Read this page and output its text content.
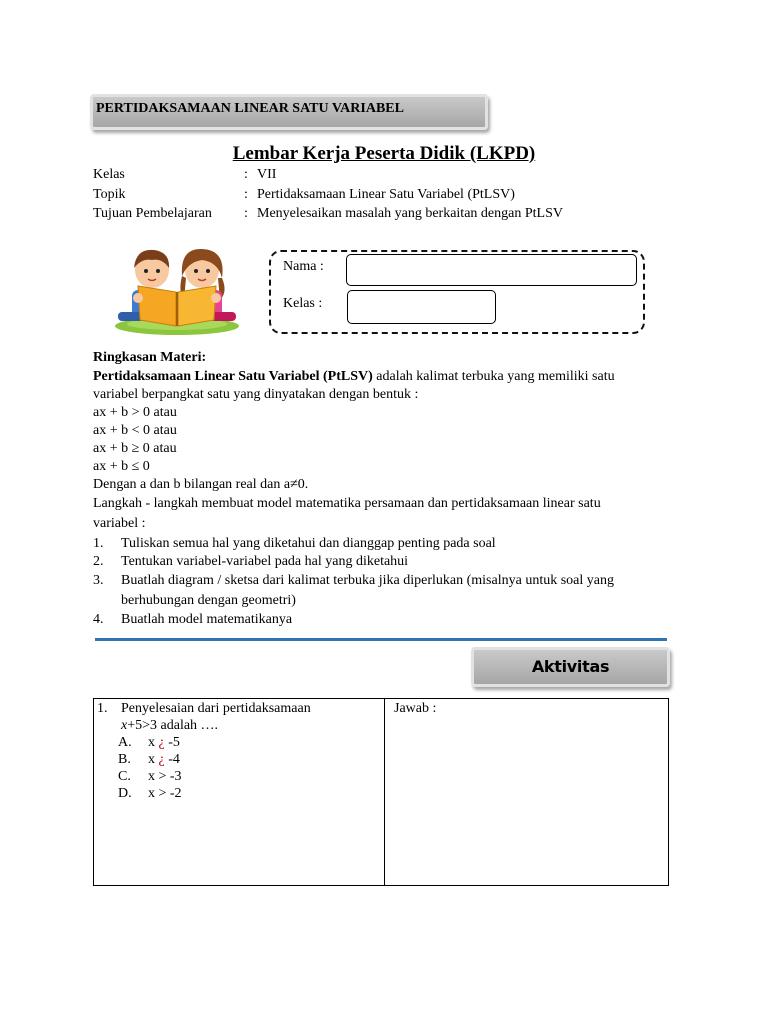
PERTIDAKSAMAAN LINEAR SATU VARIABEL
Lembar Kerja Peserta Didik (LKPD)
Kelas	: VII
Topik	: Pertidaksamaan Linear Satu Variabel (PtLSV)
Tujuan Pembelajaran	: Menyelesaikan masalah yang berkaitan dengan PtLSV
Nama :
Kelas :
Ringkasan Materi:
Pertidaksamaan Linear Satu Variabel (PtLSV) adalah kalimat terbuka yang memiliki satu
variabel berpangkat satu yang dinyatakan dengan bentuk :
ax + b > 0 atau
ax + b < 0 atau
ax + b ≥ 0 atau
ax + b ≤ 0
Dengan a dan b bilangan real dan a≠0.
Langkah - langkah membuat model matematika persamaan dan pertidaksamaan linear satu
variabel :
1. Tuliskan semua hal yang diketahui dan dianggap penting pada soal
2. Tentukan variabel-variabel pada hal yang diketahui
3. Buatlah diagram / sketsa dari kalimat terbuka jika diperlukan (misalnya untuk soal yang
berhubungan dengan geometri)
4. Buatlah model matematikanya
Aktivitas
1. Penyelesaian dari pertidaksamaan
x+5>3 adalah ….
A. x ¿ -5
B. x ¿ -4
C. x > -3
D. x > -2
Jawab :
